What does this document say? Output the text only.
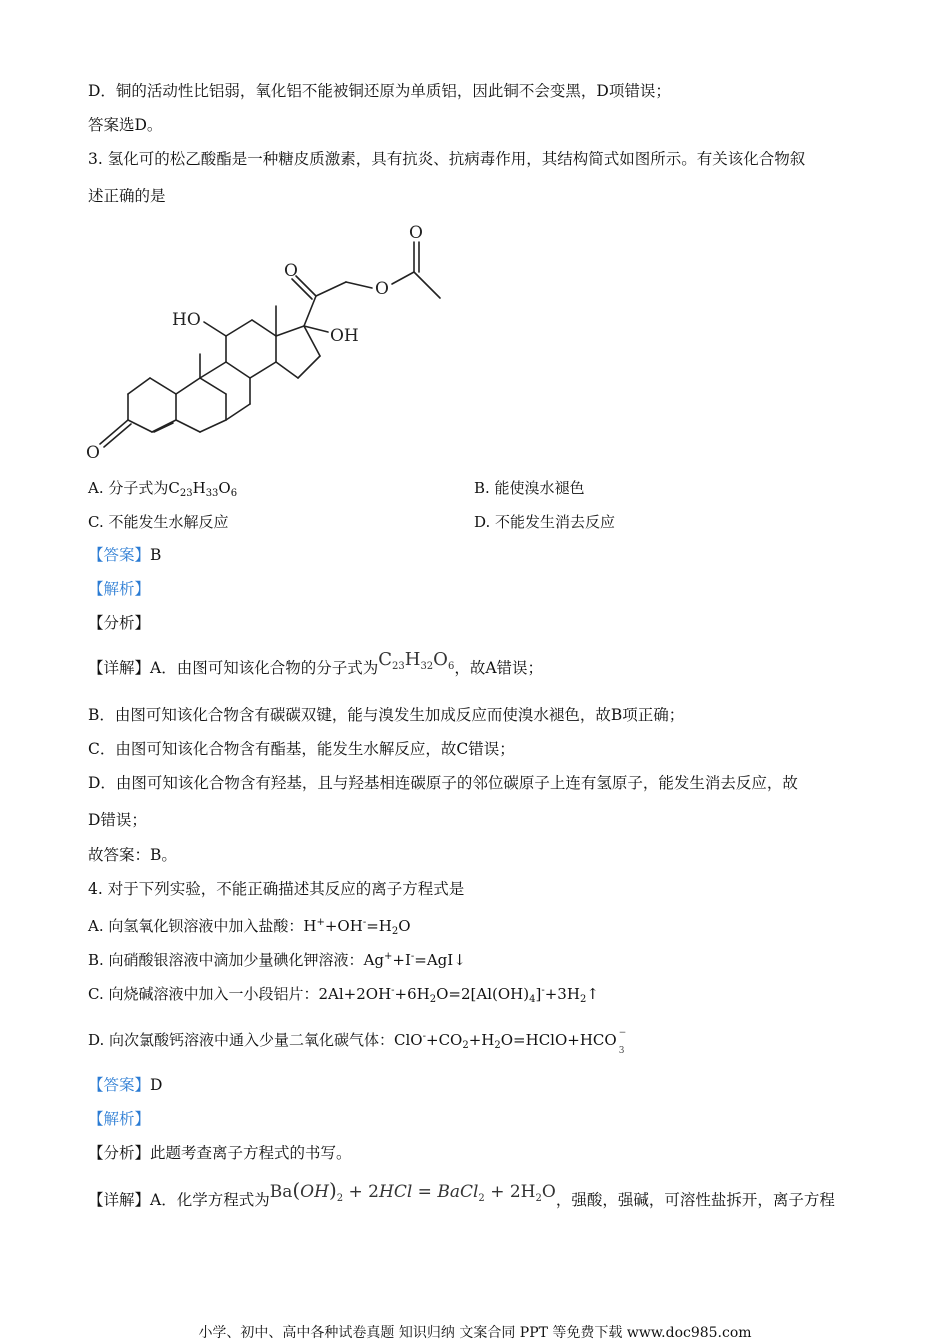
D．铜的活动性比铝弱，氧化铝不能被铜还原为单质铝，因此铜不会变黑，D项错误；
答案选D。
3. 氢化可的松乙酸酯是一种糖皮质激素，具有抗炎、抗病毒作用，其结构简式如图所示。有关该化合物叙
述正确的是
O
O
O
HO
OH
O
A. 分子式为$C_{23}H_{33}O_6$	B. 能使溴水褪色
C. 不能发生水解反应	D. 不能发生消去反应
【答案】B
【解析】
【分析】
【详解】A．由图可知该化合物的分子式为$C_{23}H_{32}O_6$，故A错误；
B．由图可知该化合物含有碳碳双键，能与溴发生加成反应而使溴水褪色，故B项正确；
C．由图可知该化合物含有酯基，能发生水解反应，故C错误；
D．由图可知该化合物含有羟基，且与羟基相连碳原子的邻位碳原子上连有氢原子，能发生消去反应，故
D错误；
故答案：B。
4. 对于下列实验，不能正确描述其反应的离子方程式是
A. 向氢氧化钡溶液中加入盐酸：$H^++OH^-=H_2O$
B. 向硝酸银溶液中滴加少量碘化钾溶液：Ag++I-=AgI↓
C. 向烧碱溶液中加入一小段铝片：$2Al+2OH^-+6H_2O=2[Al(OH)_4]^-+3H_2↑$
D. 向次氯酸钙溶液中通入少量二氧化碳气体：$ClO^-+CO_2+H_2O=HClO+HCO$ −
3
【答案】D
【解析】
【分析】此题考查离子方程式的书写。
【详解】A．化学方程式为$Ba(OH)_2 + 2HCl$ = BaCl$_2$ + $2H_2O$，强酸，强碱，可溶性盐拆开，离子方程
小学、初中、高中各种试卷真题 知识归纳 文案合同 PPT 等免费下载 www.doc985.com
